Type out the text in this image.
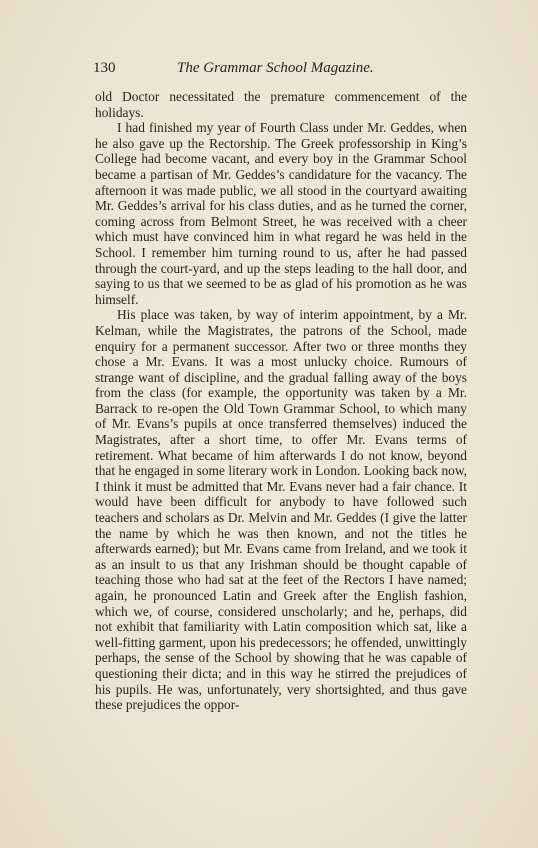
130	The Grammar School Magazine.

old Doctor necessitated the premature commencement of the holidays.

I had finished my year of Fourth Class under Mr. Geddes, when he also gave up the Rectorship. The Greek professorship in King’s College had become vacant, and every boy in the Grammar School became a partisan of Mr. Geddes’s candidature for the vacancy. The afternoon it was made public, we all stood in the courtyard awaiting Mr. Geddes’s arrival for his class duties, and as he turned the corner, coming across from Belmont Street, he was received with a cheer which must have convinced him in what regard he was held in the School. I remember him turning round to us, after he had passed through the court-yard, and up the steps leading to the hall door, and saying to us that we seemed to be as glad of his promotion as he was himself.

His place was taken, by way of interim appointment, by a Mr. Kelman, while the Magistrates, the patrons of the School, made enquiry for a permanent successor. After two or three months they chose a Mr. Evans. It was a most unlucky choice. Rumours of strange want of discipline, and the gradual falling away of the boys from the class (for example, the opportunity was taken by a Mr. Barrack to re-open the Old Town Grammar School, to which many of Mr. Evans’s pupils at once transferred themselves) induced the Magistrates, after a short time, to offer Mr. Evans terms of retirement. What became of him afterwards I do not know, beyond that he engaged in some literary work in London. Looking back now, I think it must be admitted that Mr. Evans never had a fair chance. It would have been difficult for anybody to have followed such teachers and scholars as Dr. Melvin and Mr. Geddes (I give the latter the name by which he was then known, and not the titles he afterwards earned); but Mr. Evans came from Ireland, and we took it as an insult to us that any Irishman should be thought capable of teaching those who had sat at the feet of the Rectors I have named; again, he pronounced Latin and Greek after the English fashion, which we, of course, considered unscholarly; and he, perhaps, did not exhibit that familiarity with Latin composition which sat, like a well-fitting garment, upon his predecessors; he offended, unwittingly perhaps, the sense of the School by showing that he was capable of questioning their dicta; and in this way he stirred the prejudices of his pupils. He was, unfortunately, very shortsighted, and thus gave these prejudices the oppor-
